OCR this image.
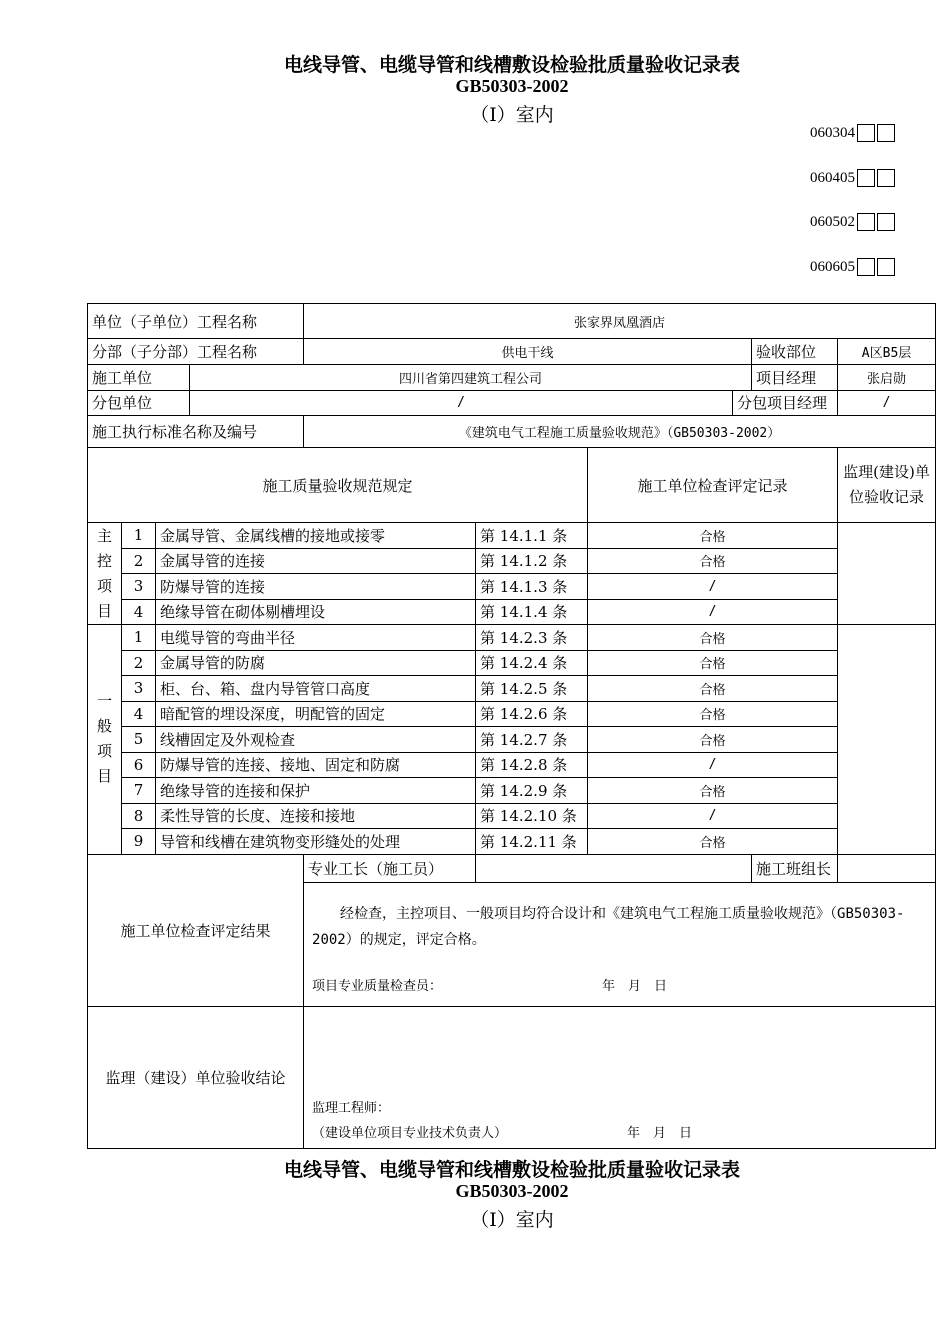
电线导管、电缆导管和线槽敷设检验批质量验收记录表
GB50303-2002
（Ⅰ）室内
060304
060405
060502
060605
单位（子单位）工程名称				张家界凤凰酒店					
分部（子分部）工程名称				供电干线				验收部位	A区B5层
施工单位			四川省第四建筑工程公司					项目经理	张启勋
分包单位			/				分包项目经理		/
施工执行标准名称及编号				《建筑电气工程施工质量验收规范》（GB50303-2002）					
施工质量验收规范规定						施工单位检查评定记录			监理(建设)单位验收记录

主控项目	1	金属导管、金属线槽的接地或接零			第 14.1.1 条	合格			
	2	金属导管的连接			第 14.1.2 条	合格			
	3	防爆导管的连接			第 14.1.3 条	/			
	4	绝缘导管在砌体剔槽埋设			第 14.1.4 条	/			

一般项目	1	电缆导管的弯曲半径			第 14.2.3 条	合格			
	2	金属导管的防腐			第 14.2.4 条	合格			
	3	柜、台、箱、盘内导管管口高度			第 14.2.5 条	合格			
	4	暗配管的埋设深度，明配管的固定			第 14.2.6 条	合格			
	5	线槽固定及外观检查			第 14.2.7 条	合格			
	6	防爆导管的连接、接地、固定和防腐			第 14.2.8 条	/			
	7	绝缘导管的连接和保护			第 14.2.9 条	合格			
	8	柔性导管的长度、连接和接地			第 14.2.10 条	/			
	9	导管和线槽在建筑物变形缝处的处理			第 14.2.11 条	合格			
施工单位检查评定结果				专业工长（施工员）				施工班组长	

				经检查，主控项目、一般项目均符合设计和《建筑电气工程施工质量验收规范》（GB50303-2002）的规定，评定合格。
项目专业质量检查员： 年　月　日					

监理（建设）单位验收结论				监理工程师：
（建设单位项目专业技术负责人） 年　月　日					
电线导管、电缆导管和线槽敷设检验批质量验收记录表
GB50303-2002
（Ⅰ）室内
